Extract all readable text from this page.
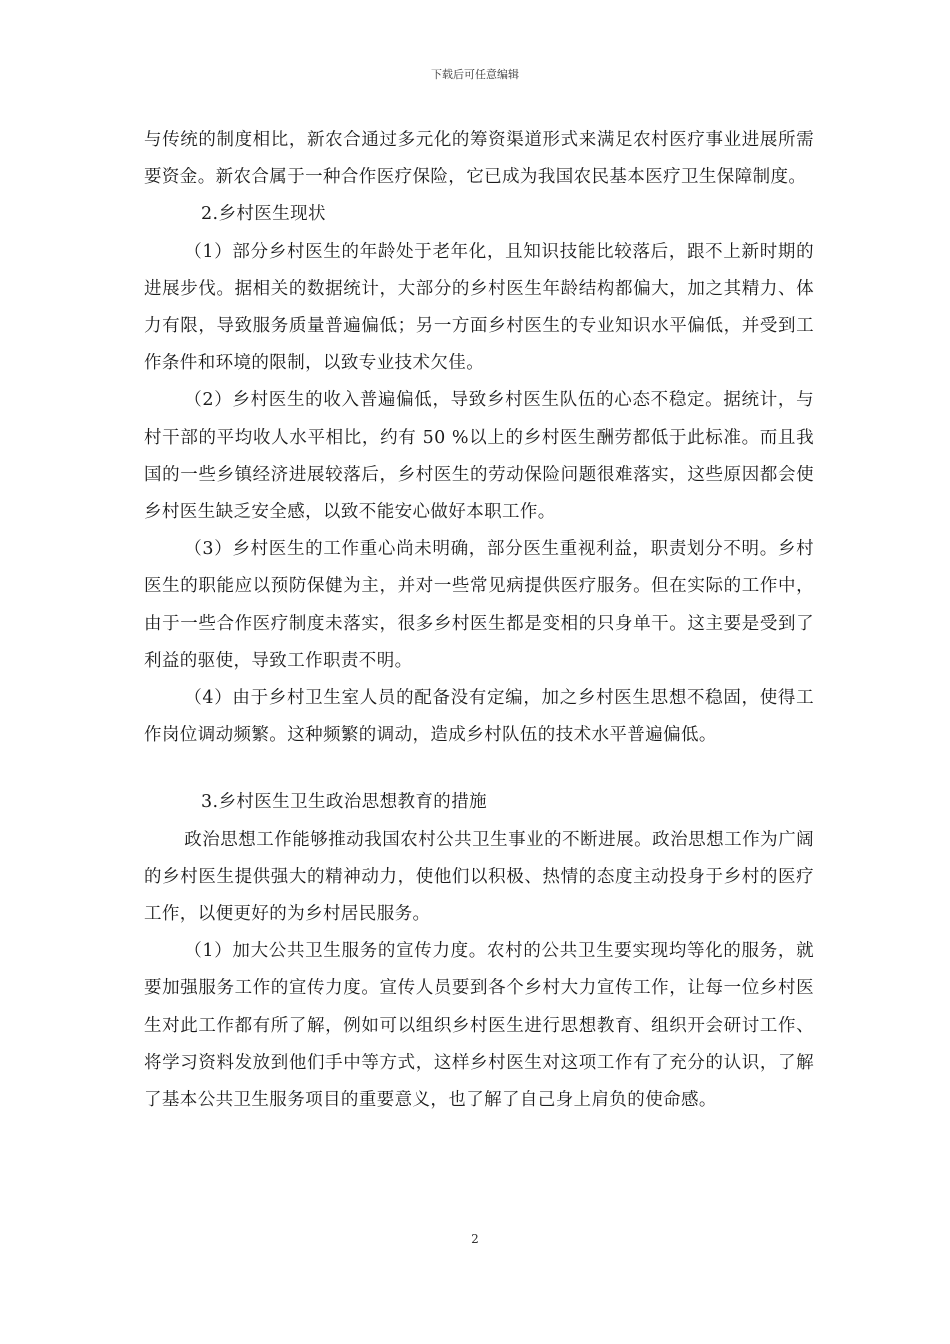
下载后可任意编辑

与传统的制度相比，新农合通过多元化的筹资渠道形式来满足农村医疗事业进展所需要资金。新农合属于一种合作医疗保险，它已成为我国农民基本医疗卫生保障制度。

2.乡村医生现状

（1）部分乡村医生的年龄处于老年化，且知识技能比较落后，跟不上新时期的进展步伐。据相关的数据统计，大部分的乡村医生年龄结构都偏大，加之其精力、体力有限，导致服务质量普遍偏低；另一方面乡村医生的专业知识水平偏低，并受到工作条件和环境的限制，以致专业技术欠佳。

（2）乡村医生的收入普遍偏低，导致乡村医生队伍的心态不稳定。据统计，与村干部的平均收人水平相比，约有 50 %以上的乡村医生酬劳都低于此标准。而且我国的一些乡镇经济进展较落后，乡村医生的劳动保险问题很难落实，这些原因都会使乡村医生缺乏安全感，以致不能安心做好本职工作。

（3）乡村医生的工作重心尚未明确，部分医生重视利益，职责划分不明。乡村医生的职能应以预防保健为主，并对一些常见病提供医疗服务。但在实际的工作中，由于一些合作医疗制度未落实，很多乡村医生都是变相的只身单干。这主要是受到了利益的驱使，导致工作职责不明。

（4）由于乡村卫生室人员的配备没有定编，加之乡村医生思想不稳固，使得工作岗位调动频繁。这种频繁的调动，造成乡村队伍的技术水平普遍偏低。

3.乡村医生卫生政治思想教育的措施

政治思想工作能够推动我国农村公共卫生事业的不断进展。政治思想工作为广阔的乡村医生提供强大的精神动力，使他们以积极、热情的态度主动投身于乡村的医疗工作，以便更好的为乡村居民服务。

（1）加大公共卫生服务的宣传力度。农村的公共卫生要实现均等化的服务，就要加强服务工作的宣传力度。宣传人员要到各个乡村大力宣传工作，让每一位乡村医生对此工作都有所了解，例如可以组织乡村医生进行思想教育、组织开会研讨工作、将学习资料发放到他们手中等方式，这样乡村医生对这项工作有了充分的认识，了解了基本公共卫生服务项目的重要意义，也了解了自己身上肩负的使命感。

2
